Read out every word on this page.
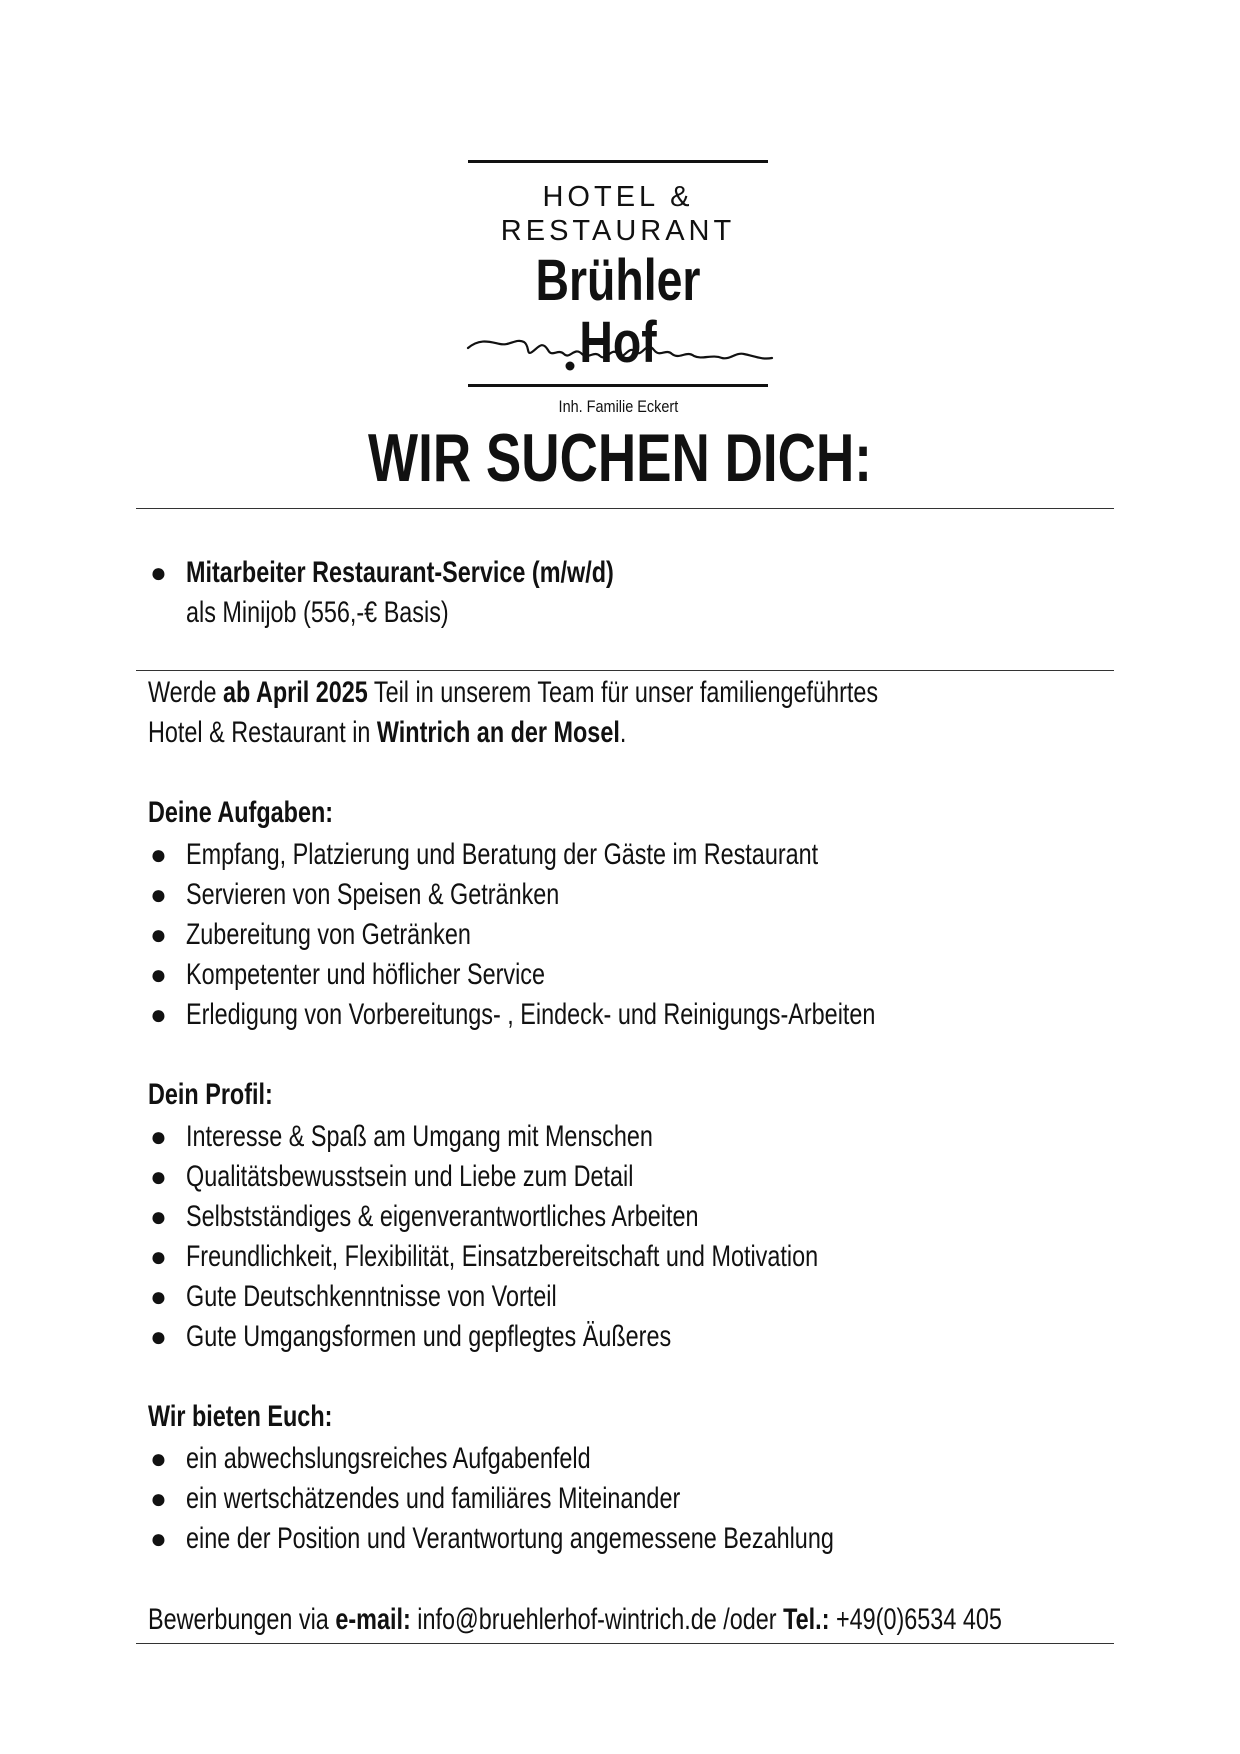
HOTEL & RESTAURANT
Brühler Hof
Inh. Familie Eckert
WIR SUCHEN DICH:
● Mitarbeiter Restaurant-Service (m/w/d)
als Minijob (556,-€ Basis)
Werde ab April 2025 Teil in unserem Team für unser familiengeführtes
Hotel & Restaurant in Wintrich an der Mosel.
Deine Aufgaben:
● Empfang, Platzierung und Beratung der Gäste im Restaurant
● Servieren von Speisen & Getränken
● Zubereitung von Getränken
● Kompetenter und höflicher Service
● Erledigung von Vorbereitungs- , Eindeck- und Reinigungs-Arbeiten
Dein Profil:
● Interesse & Spaß am Umgang mit Menschen
● Qualitätsbewusstsein und Liebe zum Detail
● Selbstständiges & eigenverantwortliches Arbeiten
● Freundlichkeit, Flexibilität, Einsatzbereitschaft und Motivation
● Gute Deutschkenntnisse von Vorteil
● Gute Umgangsformen und gepflegtes Äußeres
Wir bieten Euch:
● ein abwechslungsreiches Aufgabenfeld
● ein wertschätzendes und familiäres Miteinander
● eine der Position und Verantwortung angemessene Bezahlung
Bewerbungen via e-mail: info@bruehlerhof-wintrich.de /oder Tel.: +49(0)6534 405
